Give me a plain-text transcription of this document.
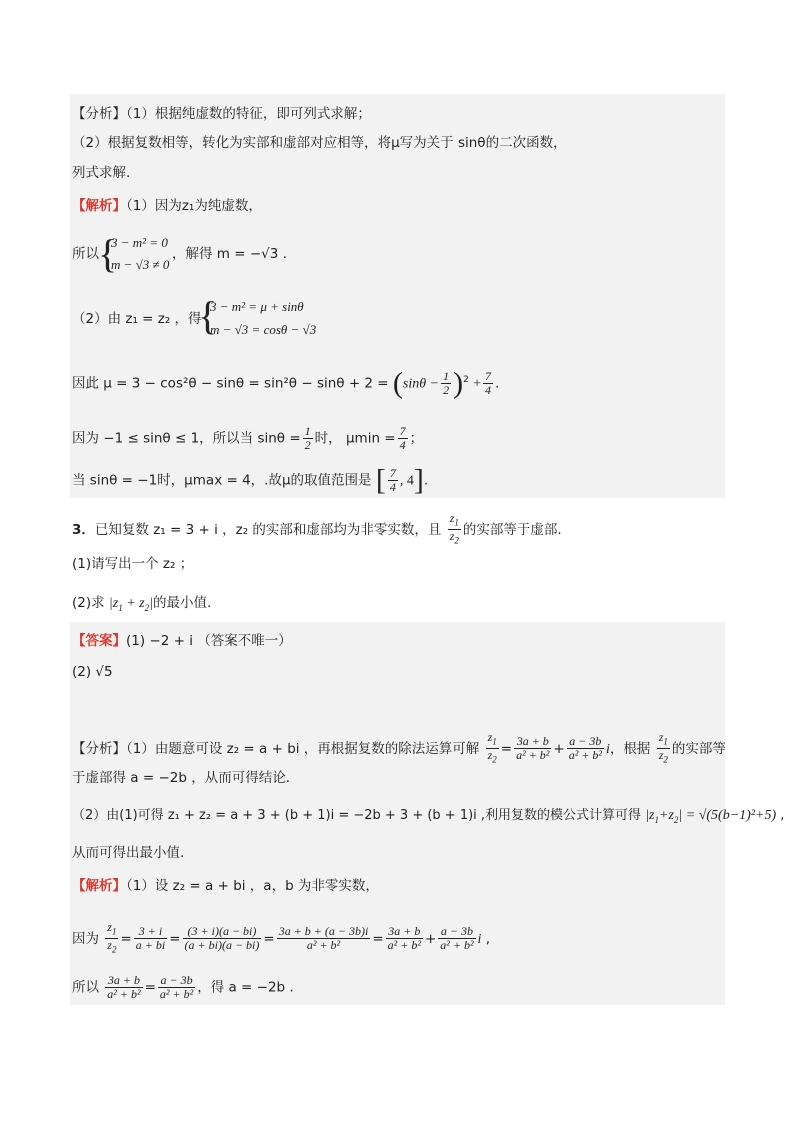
【分析】（1）根据纯虚数的特征，即可列式求解；
（2）根据复数相等，转化为实部和虚部对应相等，将μ写为关于 sinθ的二次函数，
列式求解.
【解析】（1）因为z₁为纯虚数，
所以 {
3 − m² = 0
m − √3 ≠ 0
，解得 m = −√3 .
（2）由 z₁ = z₂ ，得
{
3 − m² = μ + sinθ
m − √3 = cosθ − √3
因此 $\mu = 3 - \cos^2\theta - \sin\theta = \sin^2\theta - \sin\theta + 2 = (\sin\theta - \frac{1}{2} )^2 + \frac{7}{4}$ .
因为 −1 ≤ sinθ ≤ 1，所以当 $\sin\theta = \frac{1}{2}$ 时， $\mu\min = \frac{7}{4}$ ；
当 sinθ = −1时，μmax = 4，.故μ的取值范围是 [ $\frac{7}{4}$ , 4].
3．已知复数 z₁ = 3 + i ，z₂ 的实部和虚部均为非零实数，且 $\frac{z_1}{z_2}$ 的实部等于虚部.
(1)请写出一个 z₂ ；
(2)求 $|z_1 + z_2|$的最小值.
【答案】(1) −2 + i （答案不唯一）
(2) √5
【分析】（1）由题意可设 z₂ = a + bi ，再根据复数的除法运算可解 $\frac{z_1}{z_2} = \frac{3a + b}{\text{a² + b²}} + \frac{a - 3b}{\text{a² + b²}}$ i，根据 $\frac{z_1}{z_2}$ 的实部等
于虚部得 a = −2b ，从而可得结论.
（2）由(1)可得 z₁ + z₂ = a + 3 + (b + 1)i = −2b + 3 + (b + 1)i ,利用复数的模公式计算可得 $|z_1+z_2| = √(5(b-1)^2+5)$ ,
从而可得出最小值.
【解析】（1）设 z₂ = a + bi ，a，b 为非零实数，
因为 $\frac{z_1}{z_2} = \frac{3 + i}{a + bi} = \frac{(3 + i)(a - bi)}{(a + bi)(a - bi)} = \frac{3a + b + (a - 3b)i}{\text{a² + b²}} = \frac{3a + b}{\text{a² + b²}} + \frac{a - 3b}{\text{a² + b²}}$ i ,
所以 $\frac{3a + b}{\text{a² + b²}} = \frac{a - 3b}{\text{a² + b²}}$ ，得 a = −2b .
